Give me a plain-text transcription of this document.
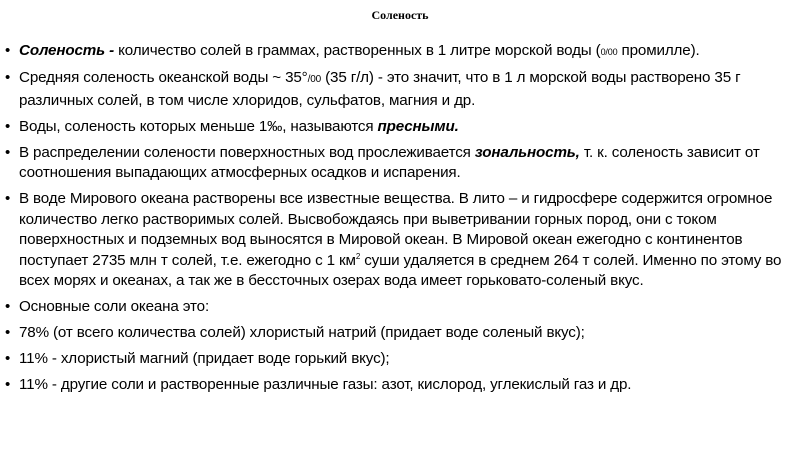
Соленость
• Соленость - количество солей в граммах, растворенных в 1 литре морской воды (0/00 промилле).
• Средняя соленость океанской воды ~ 35°/00 (35 г/л) - это значит, что в 1 л морской воды растворено 35 г различных солей, в том числе хлоридов, сульфатов, магния и др.
• Воды, соленость которых меньше 1‰, называются пресными.
• В распределении солености поверхностных вод прослеживается зональность, т. к. соленость зависит от соотношения выпадающих атмосферных осадков и испарения.
• В воде Мирового океана растворены все известные вещества. В лито – и гидросфере содержится огромное количество легко растворимых солей. Высвобождаясь при выветривании горных пород, они с током поверхностных и подземных вод выносятся в Мировой океан. В Мировой океан ежегодно с континентов поступает 2735 млн т солей, т.е. ежегодно с 1 $км^2$ суши удаляется в среднем 264 т солей. Именно по этому во всех морях и океанах, а так же в бессточных озерах вода имеет горьковато-соленый вкус.
• Основные соли океана это:
• 78% (от всего количества солей) хлористый натрий (придает воде соленый вкус);
• 11% - хлористый магний (придает воде горький вкус);
• 11% - другие соли и растворенные различные газы: азот, кислород, углекислый газ и др.
